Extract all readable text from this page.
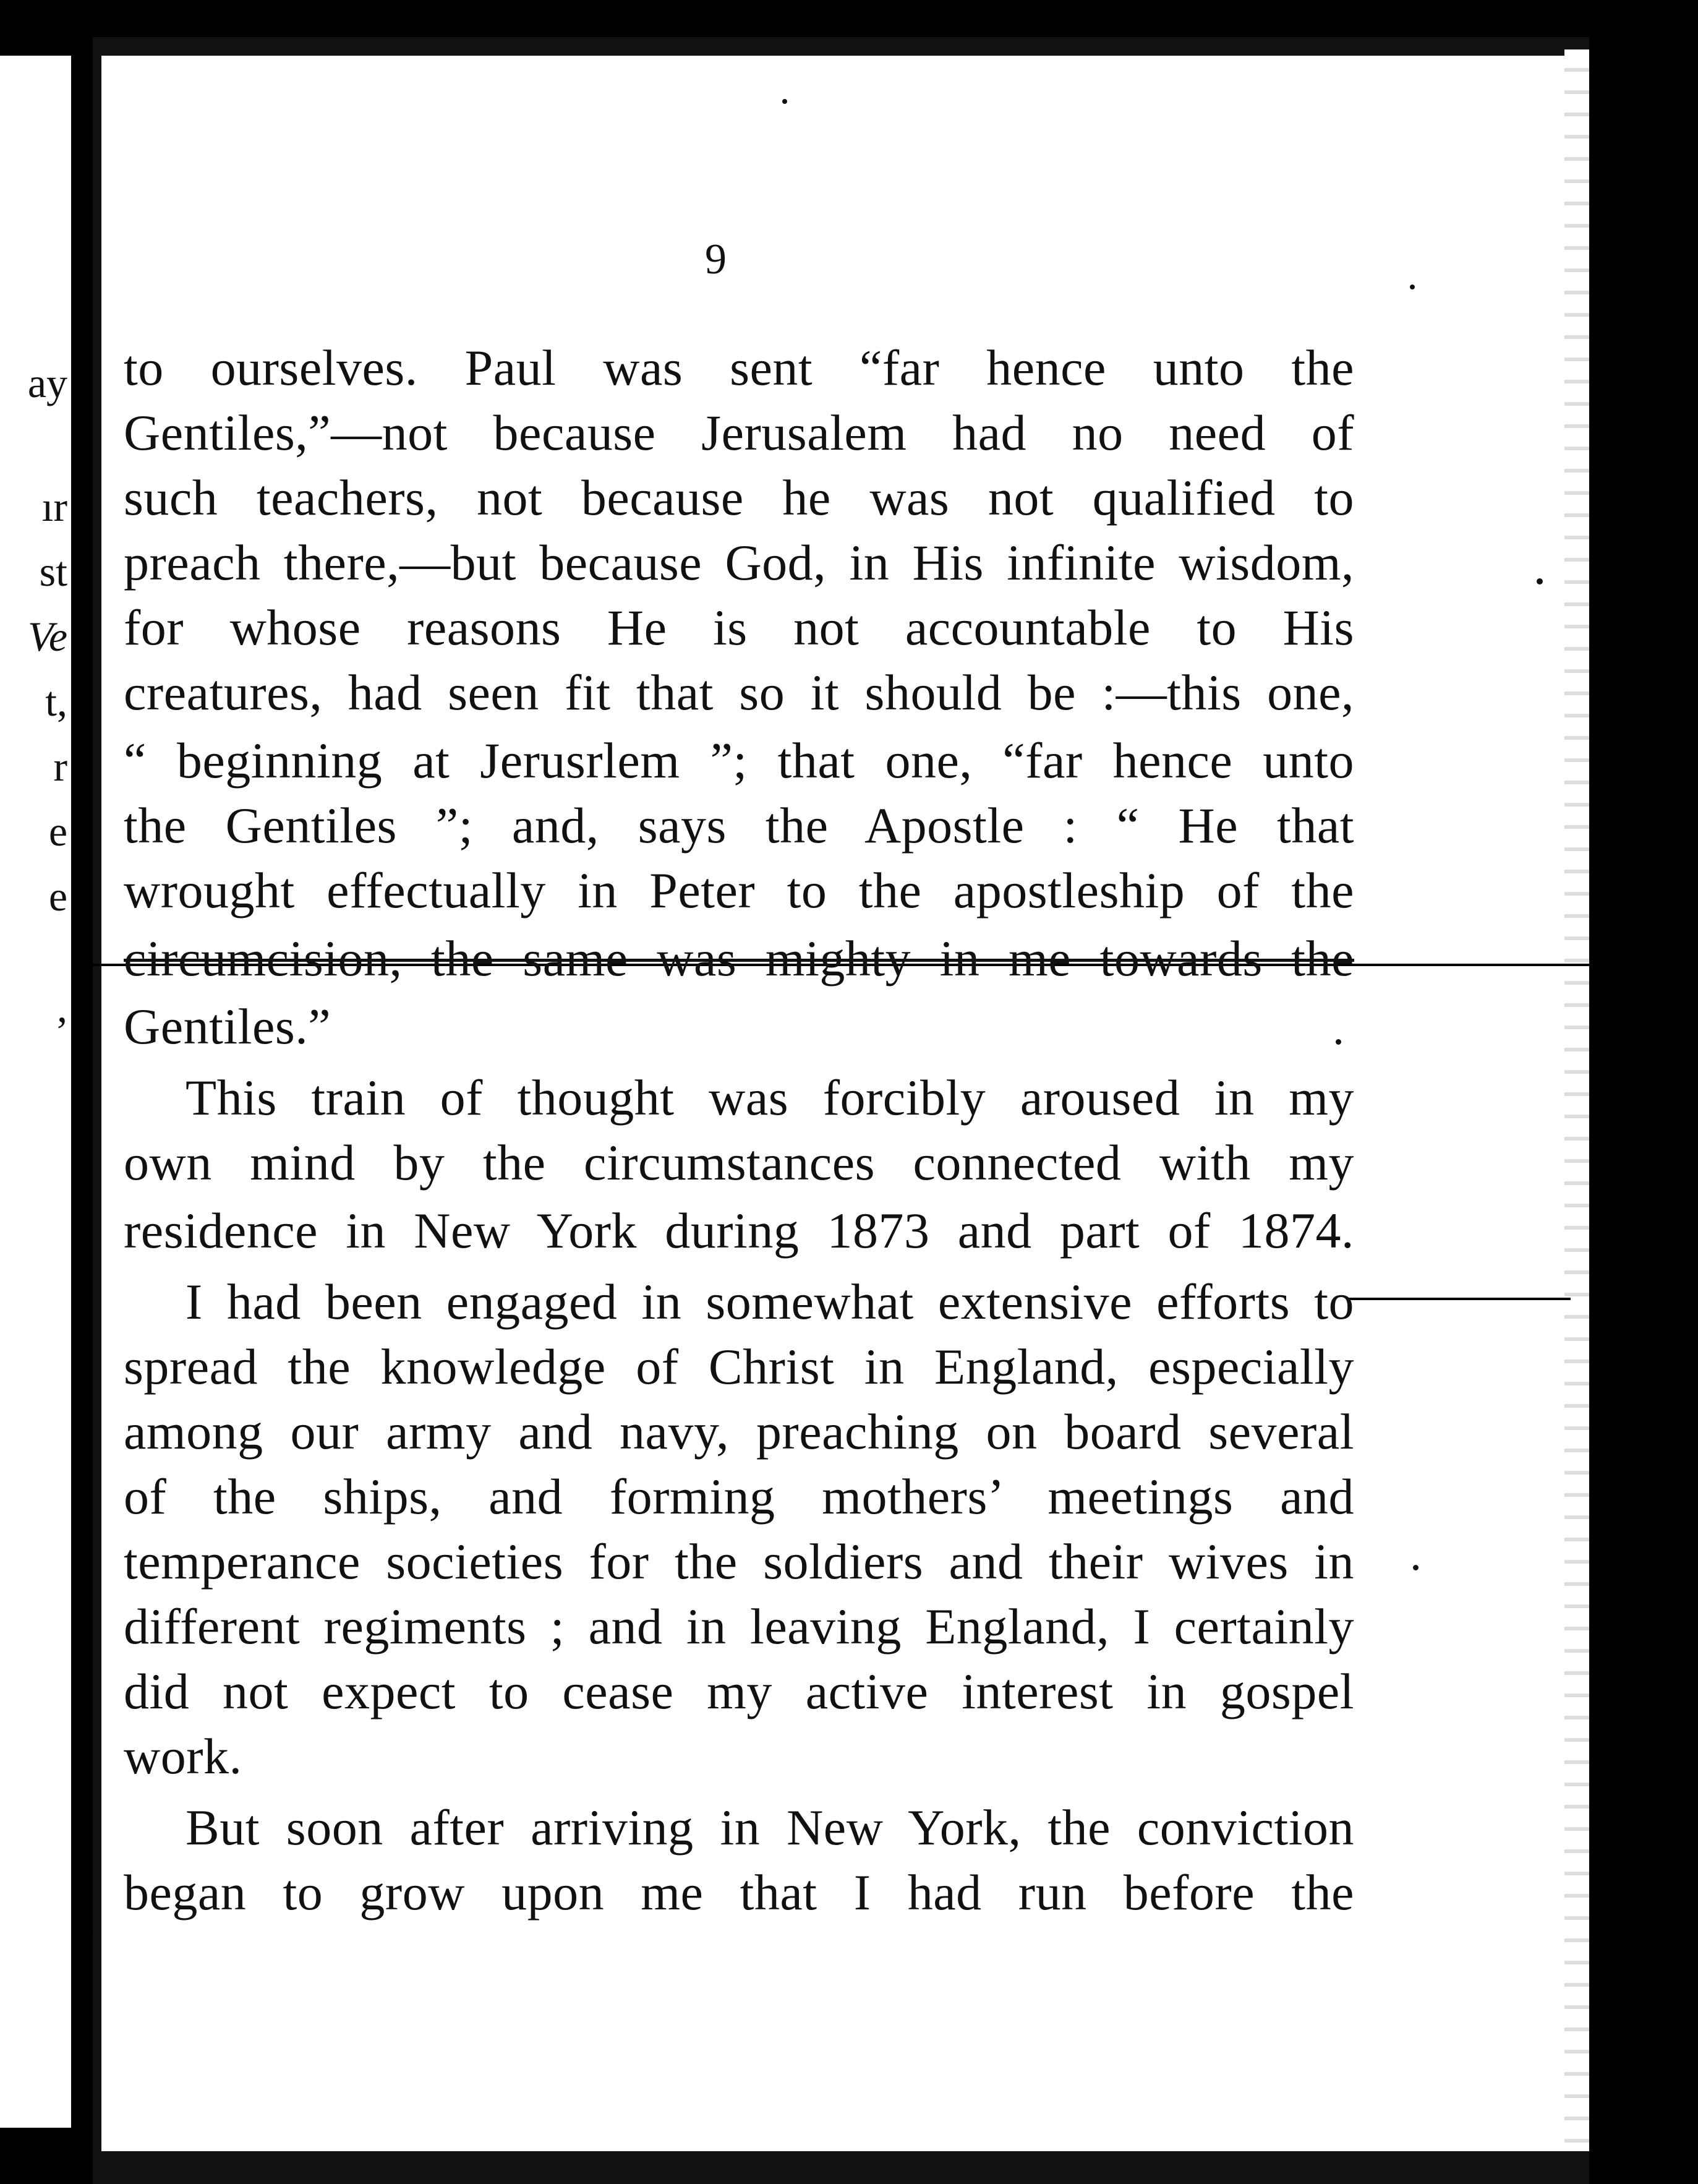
ay
ır
st
Ve
t,
r
e
e
,
9
to ourselves. Paul was sent “far hence unto the
Gentiles,”—not because Jerusalem had no need of
such teachers, not because he was not qualified to
preach there,—but because God, in His infinite wisdom,
for whose reasons He is not accountable to His
creatures, had seen fit that so it should be :—this one,
“ beginning at Jerusrlem ”; that one, “far hence unto
the Gentiles ”; and, says the Apostle : “ He that
wrought effectually in Peter to the apostleship of the
circumcision, the same was mighty in me towards the
Gentiles.”
This train of thought was forcibly aroused in my
own mind by the circumstances connected with my
residence in New York during 1873 and part of 1874.
I had been engaged in somewhat extensive efforts to
spread the knowledge of Christ in England, especially
among our army and navy, preaching on board several
of the ships, and forming mothers’ meetings and
temperance societies for the soldiers and their wives in
different regiments ; and in leaving England, I certainly
did not expect to cease my active interest in gospel
work.
But soon after arriving in New York, the conviction
began to grow upon me that I had run before the
